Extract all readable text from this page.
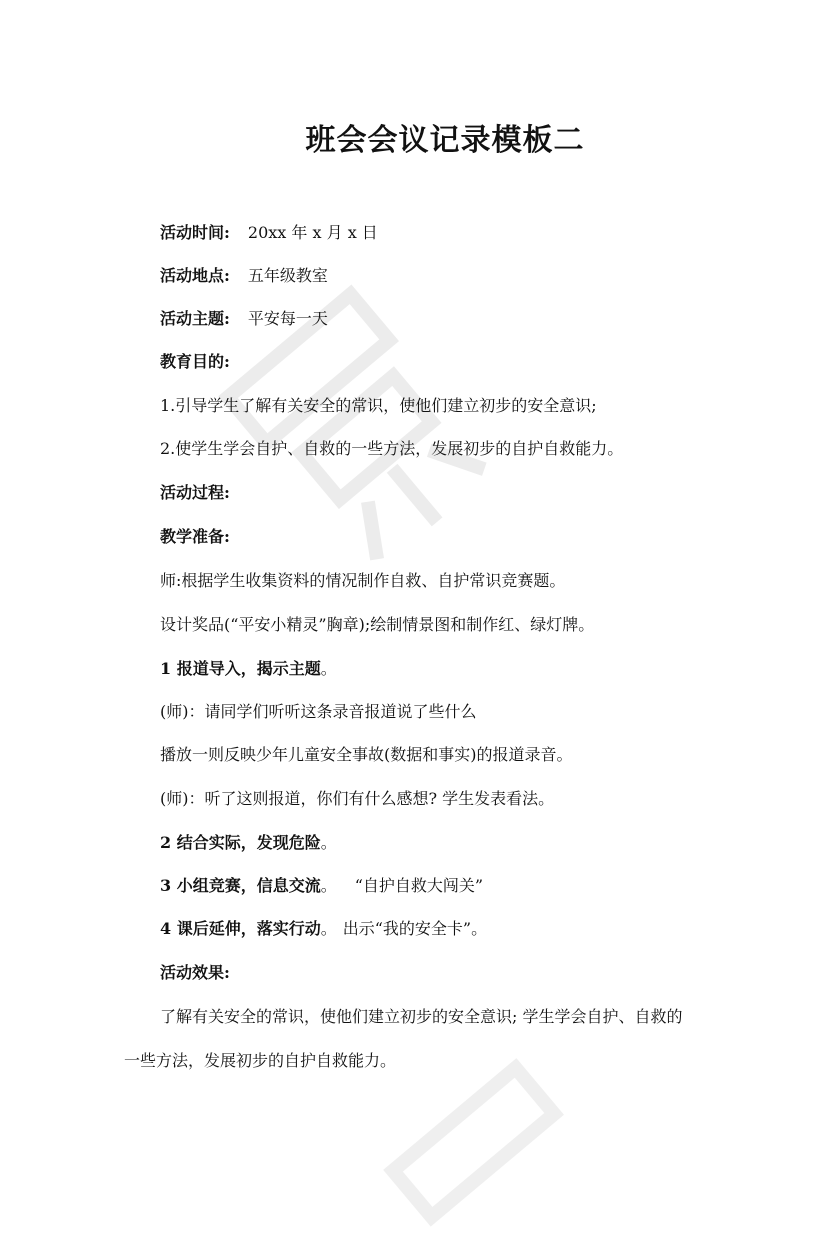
班会会议记录模板二
活动时间: 20xx 年 x 月 x 日
活动地点: 五年级教室
活动主题: 平安每一天
教育目的:
1.引导学生了解有关安全的常识，使他们建立初步的安全意识;
2.使学生学会自护、自救的一些方法，发展初步的自护自救能力。
活动过程:
教学准备:
师:根据学生收集资料的情况制作自救、自护常识竞赛题。
设计奖品(“平安小精灵”胸章);绘制情景图和制作红、绿灯牌。
1 报道导入，揭示主题。
(师)：请同学们听听这条录音报道说了些什么
播放一则反映少年儿童安全事故(数据和事实)的报道录音。
(师)：听了这则报道，你们有什么感想? 学生发表看法。
2 结合实际，发现危险。
3 小组竞赛，信息交流。 “自护自救大闯关”
4 课后延伸，落实行动。 出示“我的安全卡”。
活动效果:
了解有关安全的常识，使他们建立初步的安全意识; 学生学会自护、自救的
一些方法，发展初步的自护自救能力。
